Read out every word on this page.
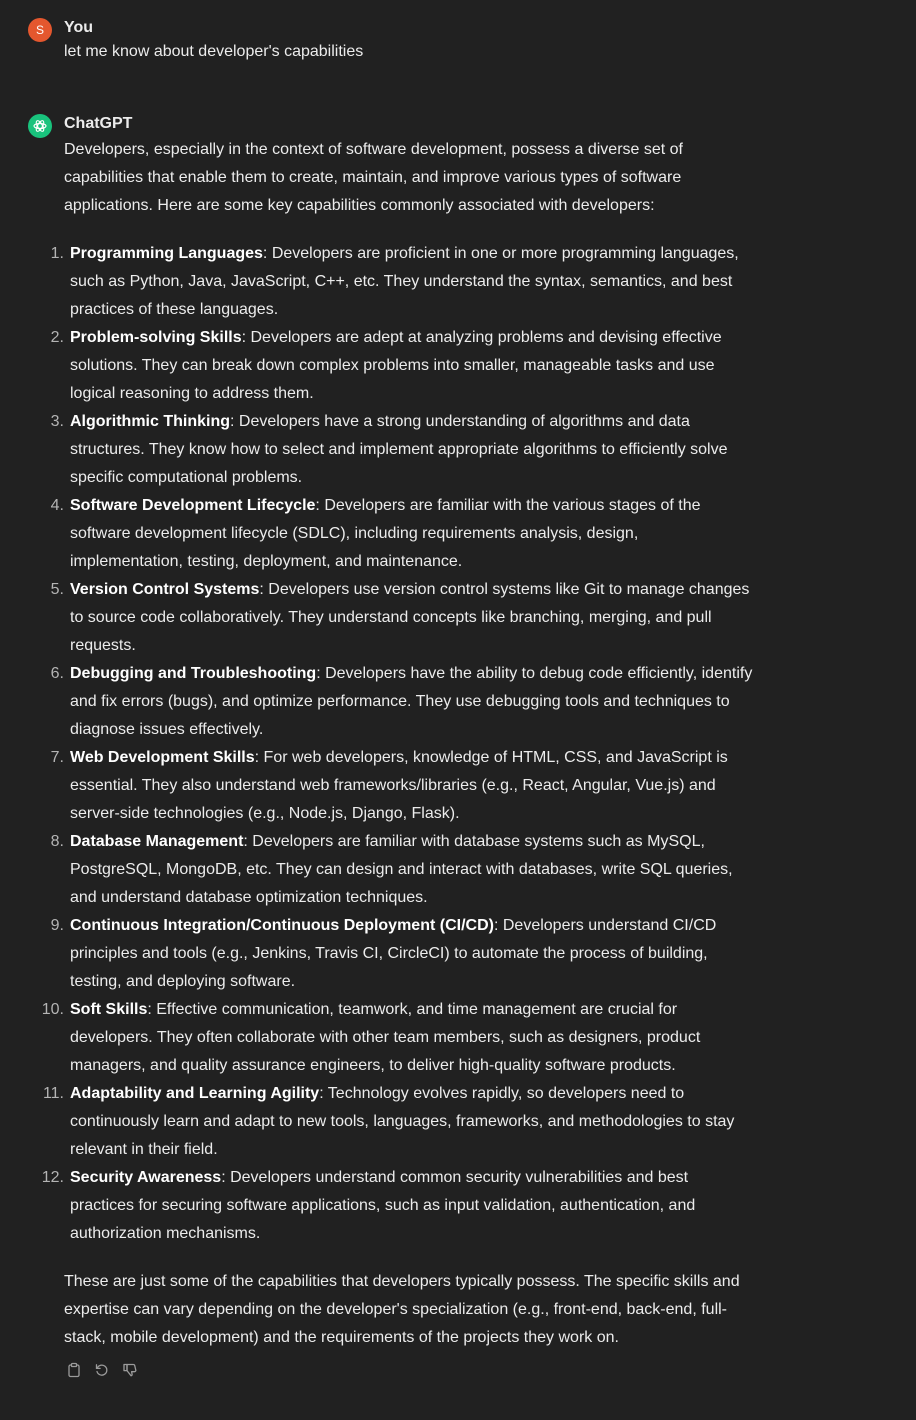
S	You
let me know about developer's capabilities
ChatGPT

Developers, especially in the context of software development, possess a diverse set of capabilities that enable them to create, maintain, and improve various types of software applications. Here are some key capabilities commonly associated with developers:

1. Programming Languages: Developers are proficient in one or more programming languages, such as Python, Java, JavaScript, C++, etc. They understand the syntax, semantics, and best practices of these languages.
2. Problem-solving Skills: Developers are adept at analyzing problems and devising effective solutions. They can break down complex problems into smaller, manageable tasks and use logical reasoning to address them.
3. Algorithmic Thinking: Developers have a strong understanding of algorithms and data structures. They know how to select and implement appropriate algorithms to efficiently solve specific computational problems.
4. Software Development Lifecycle: Developers are familiar with the various stages of the software development lifecycle (SDLC), including requirements analysis, design, implementation, testing, deployment, and maintenance.
5. Version Control Systems: Developers use version control systems like Git to manage changes to source code collaboratively. They understand concepts like branching, merging, and pull requests.
6. Debugging and Troubleshooting: Developers have the ability to debug code efficiently, identify and fix errors (bugs), and optimize performance. They use debugging tools and techniques to diagnose issues effectively.
7. Web Development Skills: For web developers, knowledge of HTML, CSS, and JavaScript is essential. They also understand web frameworks/libraries (e.g., React, Angular, Vue.js) and server-side technologies (e.g., Node.js, Django, Flask).
8. Database Management: Developers are familiar with database systems such as MySQL, PostgreSQL, MongoDB, etc. They can design and interact with databases, write SQL queries, and understand database optimization techniques.
9. Continuous Integration/Continuous Deployment (CI/CD): Developers understand CI/CD principles and tools (e.g., Jenkins, Travis CI, CircleCI) to automate the process of building, testing, and deploying software.
10. Soft Skills: Effective communication, teamwork, and time management are crucial for developers. They often collaborate with other team members, such as designers, product managers, and quality assurance engineers, to deliver high-quality software products.
11. Adaptability and Learning Agility: Technology evolves rapidly, so developers need to continuously learn and adapt to new tools, languages, frameworks, and methodologies to stay relevant in their field.
12. Security Awareness: Developers understand common security vulnerabilities and best practices for securing software applications, such as input validation, authentication, and authorization mechanisms.

These are just some of the capabilities that developers typically possess. The specific skills and expertise can vary depending on the developer's specialization (e.g., front-end, back-end, full-stack, mobile development) and the requirements of the projects they work on.
